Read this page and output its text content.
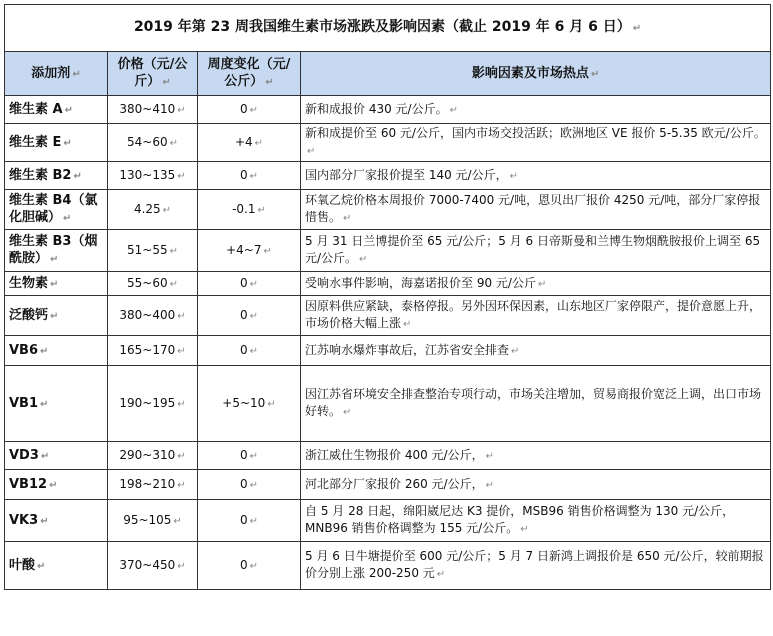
2019 年第 23 周我国维生素市场涨跌及影响因素（截止 2019 年 6 月 6 日） ↵			
添加剂 ↵	价格（元/公斤） ↵	周度变化（元/公斤） ↵	影响因素及市场热点 ↵
维生素 A ↵	380~410 ↵	0 ↵	新和成报价 430 元/公斤。 ↵
维生素 E ↵	54~60 ↵	+4 ↵	新和成提价至 60 元/公斤，国内市场交投活跃；欧洲地区 VE 报价 5-5.35 欧元/公斤。↵
维生素 B2 ↵	130~135 ↵	0 ↵	国内部分厂家报价提至 140 元/公斤， ↵
维生素 B4（氯化胆碱） ↵	4.25 ↵	-0.1 ↵	环氧乙烷价格本周报价 7000-7400 元/吨，恩贝出厂报价 4250 元/吨，部分厂家停报惜售。 ↵
维生素 B3（烟酰胺） ↵	51~55 ↵	+4~7 ↵	5 月 31 日兰博提价至 65 元/公斤；5 月 6 日帝斯曼和兰博生物烟酰胺报价上调至 65 元/公斤。 ↵
生物素 ↵	55~60 ↵	0 ↵	受响水事件影响，海嘉诺报价至 90 元/公斤 ↵
泛酸钙 ↵	380~400 ↵	0 ↵	因原料供应紧缺，泰格停报。另外因环保因素，山东地区厂家停限产，提价意愿上升，市场价格大幅上涨 ↵
VB6 ↵	165~170 ↵	0 ↵	江苏响水爆炸事故后，江苏省安全排查 ↵
VB1 ↵	190~195 ↵	+5~10 ↵	因江苏省环境安全排查整治专项行动，市场关注增加，贸易商报价宽泛上调，出口市场好转。 ↵
VD3 ↵	290~310 ↵	0 ↵	浙江威仕生物报价 400 元/公斤， ↵
VB12 ↵	198~210 ↵	0 ↵	河北部分厂家报价 260 元/公斤， ↵
VK3 ↵	95~105 ↵	0 ↵	自 5 月 28 日起，绵阳崴尼达 K3 提价，MSB96 销售价格调整为 130 元/公斤，MNB96 销售价格调整为 155 元/公斤。 ↵
叶酸 ↵	370~450 ↵	0 ↵	5 月 6 日牛塘提价至 600 元/公斤；5 月 7 日新鸿上调报价是 650 元/公斤，较前期报价分别上涨 200-250 元 ↵
